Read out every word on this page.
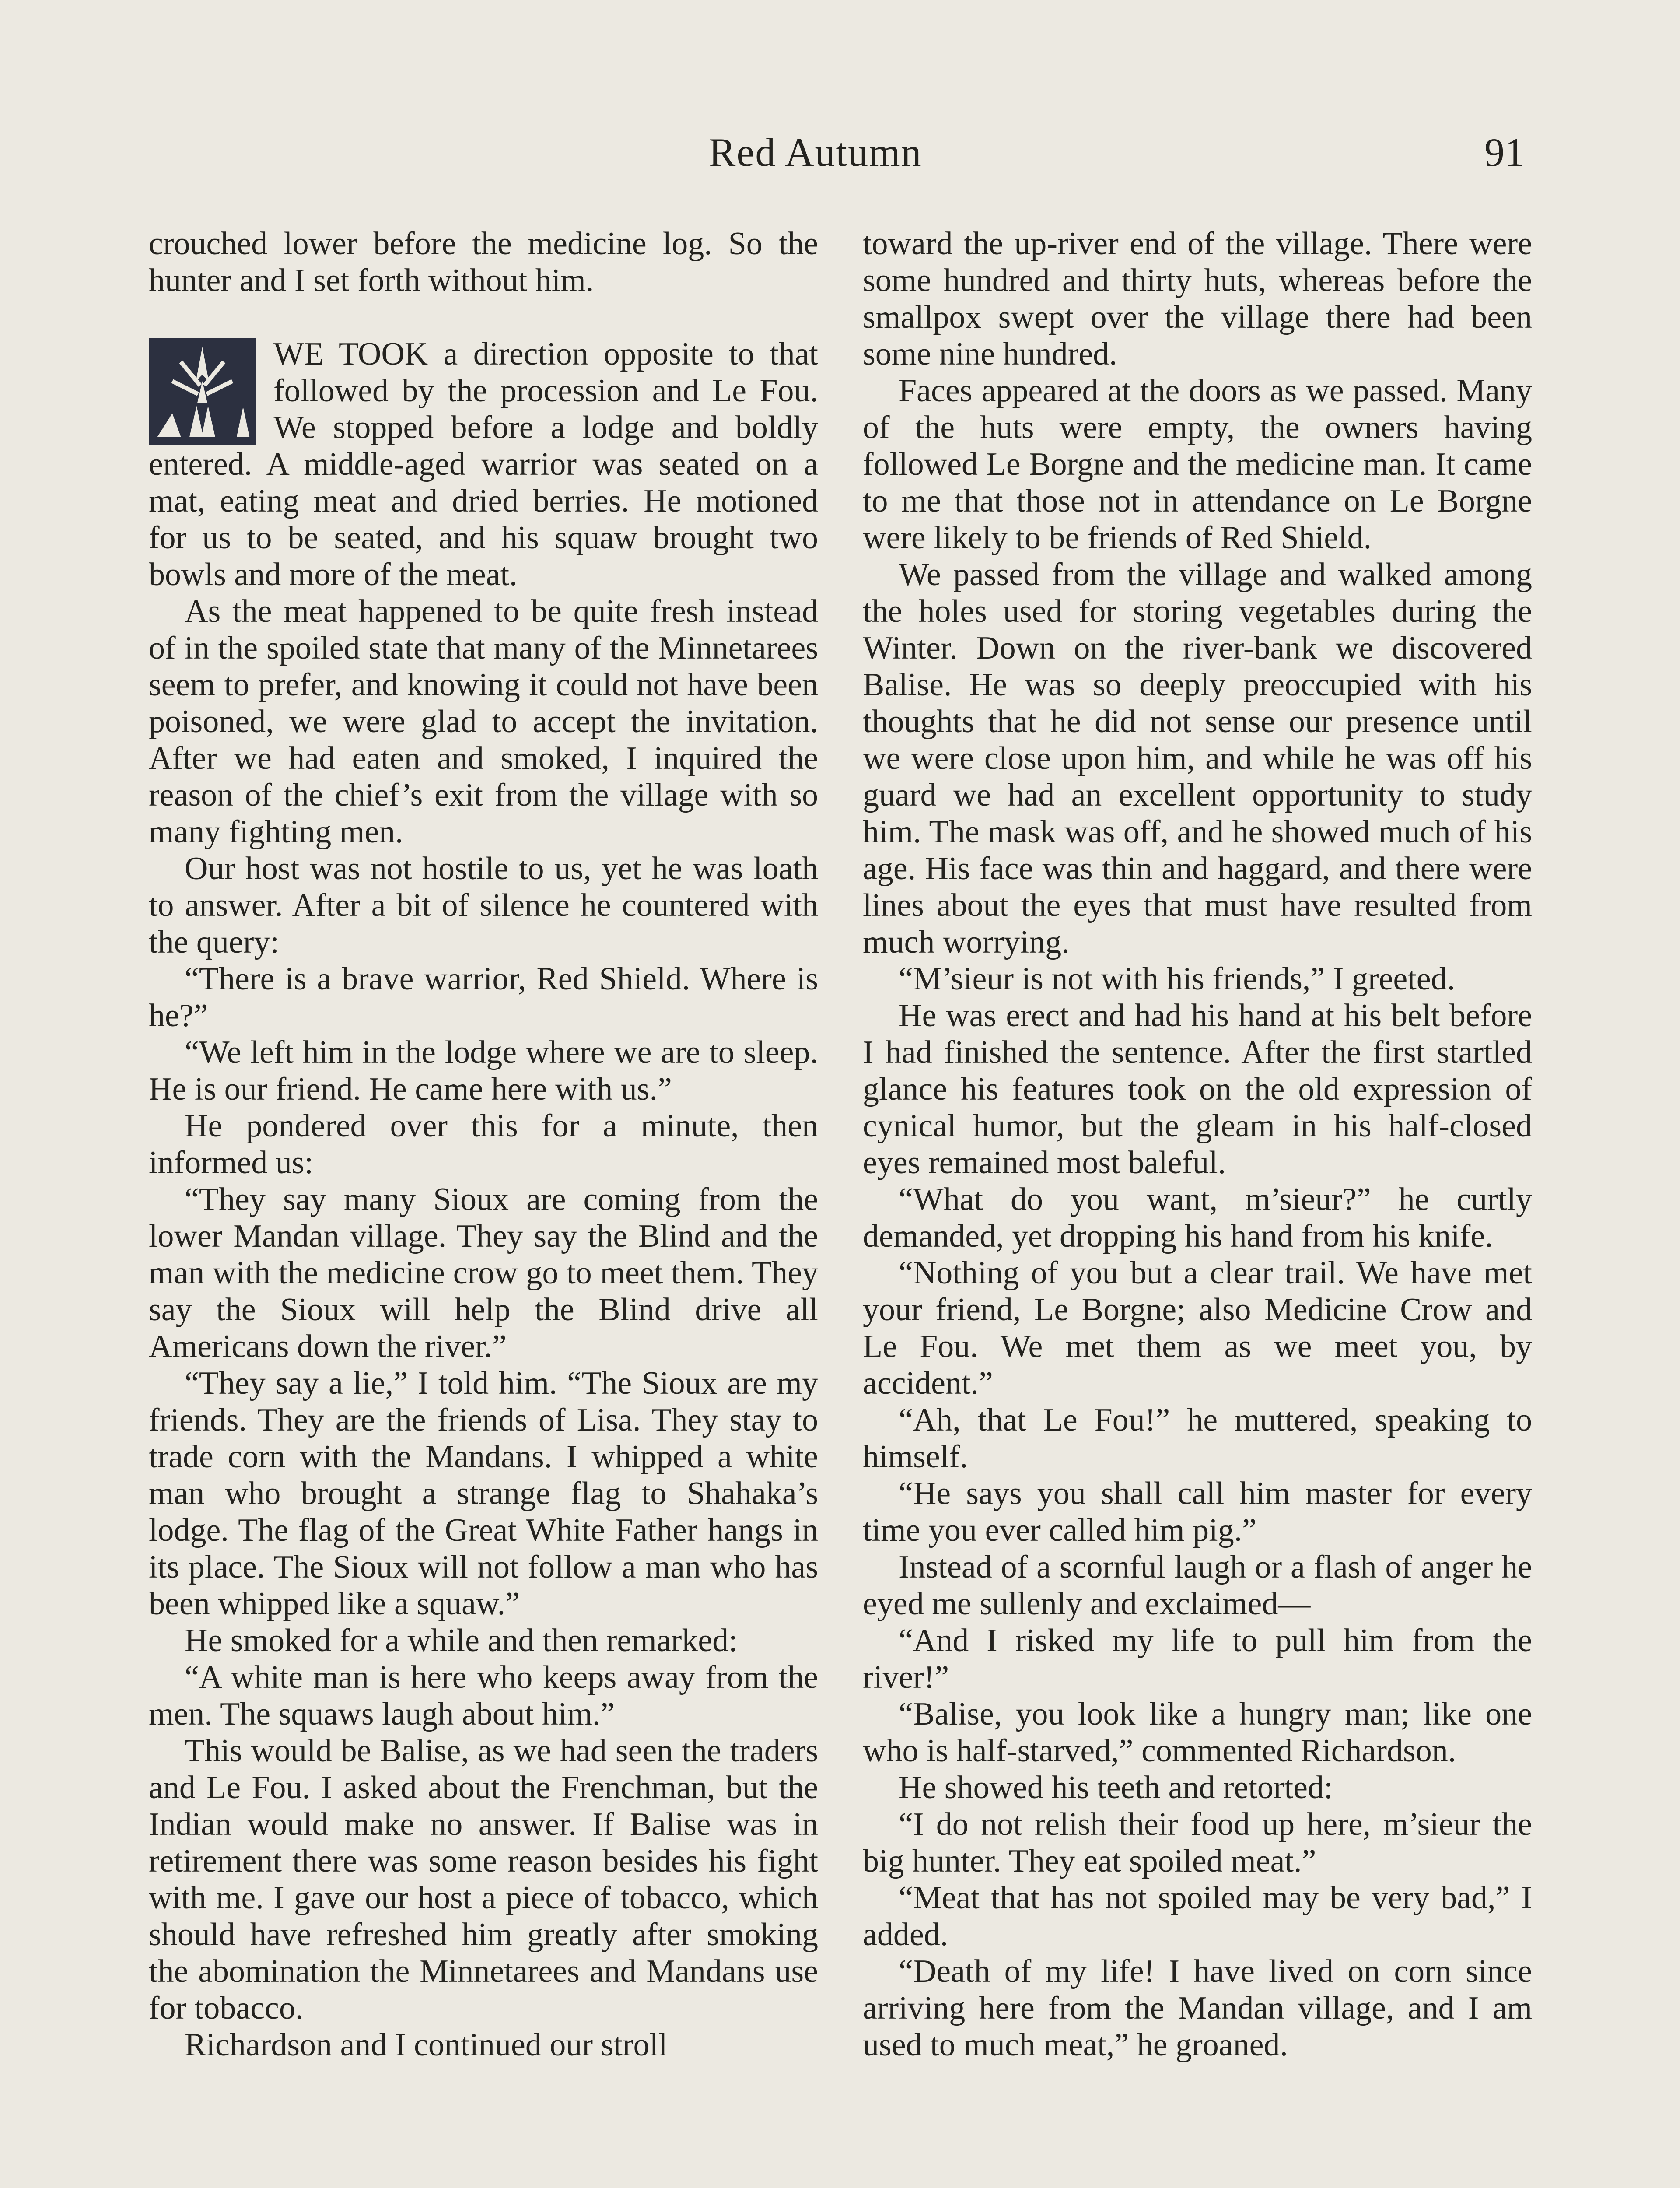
Red Autumn	91

crouched lower before the medicine log. So the hunter and I set forth without him.

WE TOOK a direction opposite to that followed by the procession and Le Fou. We stopped before a lodge and boldly entered. A middle-aged warrior was seated on a mat, eating meat and dried berries. He motioned for us to be seated, and his squaw brought two bowls and more of the meat.

As the meat happened to be quite fresh instead of in the spoiled state that many of the Minnetarees seem to prefer, and knowing it could not have been poisoned, we were glad to accept the invitation. After we had eaten and smoked, I inquired the reason of the chief’s exit from the village with so many fighting men.

Our host was not hostile to us, yet he was loath to answer. After a bit of silence he countered with the query:

“There is a brave warrior, Red Shield. Where is he?”

“We left him in the lodge where we are to sleep. He is our friend. He came here with us.”

He pondered over this for a minute, then informed us:

“They say many Sioux are coming from the lower Mandan village. They say the Blind and the man with the medicine crow go to meet them. They say the Sioux will help the Blind drive all Americans down the river.”

“They say a lie,” I told him. “The Sioux are my friends. They are the friends of Lisa. They stay to trade corn with the Mandans. I whipped a white man who brought a strange flag to Shahaka’s lodge. The flag of the Great White Father hangs in its place. The Sioux will not follow a man who has been whipped like a squaw.”

He smoked for a while and then remarked:

“A white man is here who keeps away from the men. The squaws laugh about him.”

This would be Balise, as we had seen the traders and Le Fou. I asked about the Frenchman, but the Indian would make no answer. If Balise was in retirement there was some reason besides his fight with me. I gave our host a piece of tobacco, which should have refreshed him greatly after smoking the abomination the Minnetarees and Mandans use for tobacco.

Richardson and I continued our stroll

toward the up-river end of the village. There were some hundred and thirty huts, whereas before the smallpox swept over the village there had been some nine hundred.

Faces appeared at the doors as we passed. Many of the huts were empty, the owners having followed Le Borgne and the medicine man. It came to me that those not in attendance on Le Borgne were likely to be friends of Red Shield.

We passed from the village and walked among the holes used for storing vegetables during the Winter. Down on the river-bank we discovered Balise. He was so deeply preoccupied with his thoughts that he did not sense our presence until we were close upon him, and while he was off his guard we had an excellent opportunity to study him. The mask was off, and he showed much of his age. His face was thin and haggard, and there were lines about the eyes that must have resulted from much worrying.

“M’sieur is not with his friends,” I greeted.

He was erect and had his hand at his belt before I had finished the sentence. After the first startled glance his features took on the old expression of cynical humor, but the gleam in his half-closed eyes remained most baleful.

“What do you want, m’sieur?” he curtly demanded, yet dropping his hand from his knife.

“Nothing of you but a clear trail. We have met your friend, Le Borgne; also Medicine Crow and Le Fou. We met them as we meet you, by accident.”

“Ah, that Le Fou!” he muttered, speaking to himself.

“He says you shall call him master for every time you ever called him pig.”

Instead of a scornful laugh or a flash of anger he eyed me sullenly and exclaimed—

“And I risked my life to pull him from the river!”

“Balise, you look like a hungry man; like one who is half-starved,” commented Richardson.

He showed his teeth and retorted:

“I do not relish their food up here, m’sieur the big hunter. They eat spoiled meat.”

“Meat that has not spoiled may be very bad,” I added.

“Death of my life! I have lived on corn since arriving here from the Mandan village, and I am used to much meat,” he groaned.
